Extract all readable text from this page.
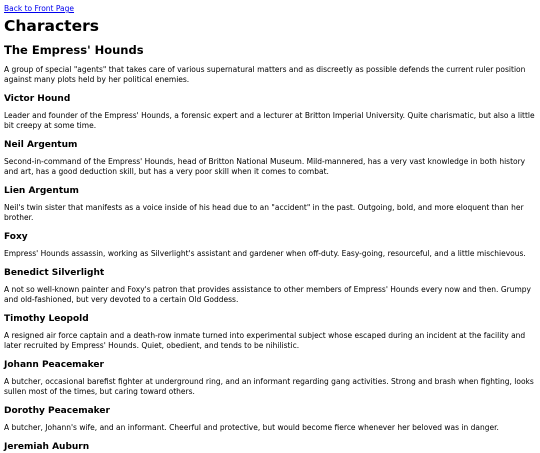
Back to Front Page
Characters
The Empress' Hounds

A group of special "agents" that takes care of various supernatural matters and as discreetly as possible defends the current ruler position against many plots held by her political enemies.

Victor Hound

Leader and founder of the Empress' Hounds, a forensic expert and a lecturer at Britton Imperial University. Quite charismatic, but also a little bit creepy at some time.

Neil Argentum

Second-in-command of the Empress' Hounds, head of Britton National Museum. Mild-mannered, has a very vast knowledge in both history and art, has a good deduction skill, but has a very poor skill when it comes to combat.

Lien Argentum

Neil's twin sister that manifests as a voice inside of his head due to an "accident" in the past. Outgoing, bold, and more eloquent than her brother.

Foxy

Empress' Hounds assassin, working as Silverlight's assistant and gardener when off-duty. Easy-going, resourceful, and a little mischievous.

Benedict Silverlight

A not so well-known painter and Foxy's patron that provides assistance to other members of Empress' Hounds every now and then. Grumpy and old-fashioned, but very devoted to a certain Old Goddess.

Timothy Leopold

A resigned air force captain and a death-row inmate turned into experimental subject whose escaped during an incident at the facility and later recruited by Empress' Hounds. Quiet, obedient, and tends to be nihilistic.

Johann Peacemaker

A butcher, occasional barefist fighter at underground ring, and an informant regarding gang activities. Strong and brash when fighting, looks sullen most of the times, but caring toward others.

Dorothy Peacemaker

A butcher, Johann's wife, and an informant. Cheerful and protective, but would become fierce whenever her beloved was in danger.

Jeremiah Auburn
